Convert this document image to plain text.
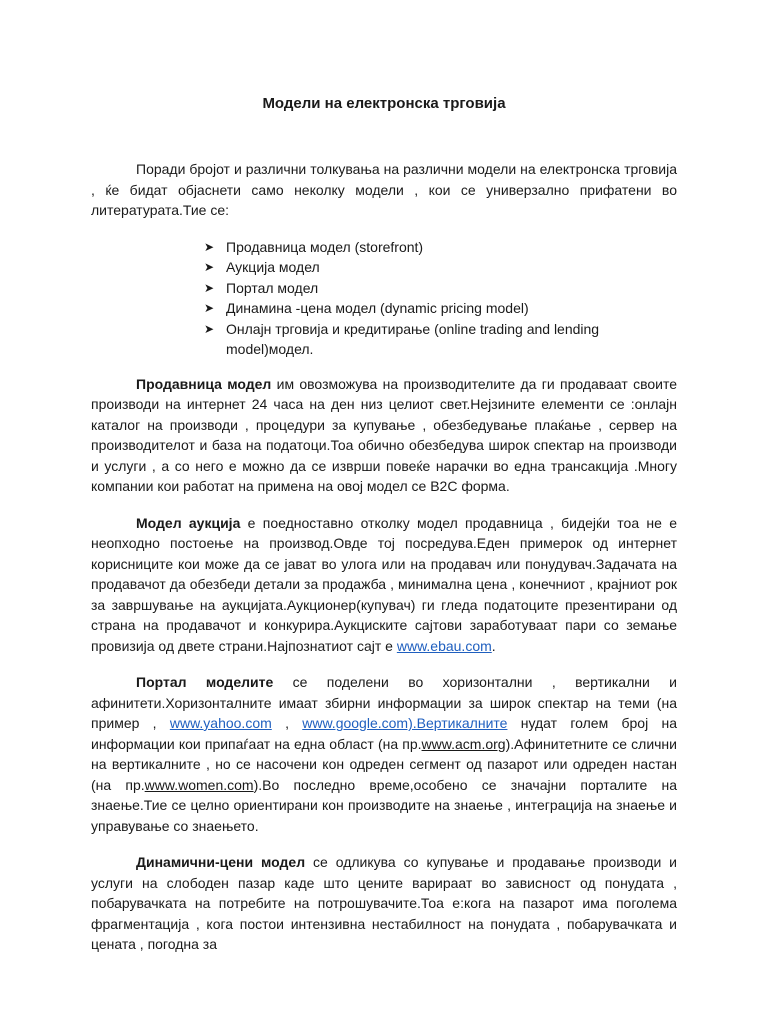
Модели на електронска трговија

Поради бројот и различни толкувања на различни модели на електронска трговија , ќе бидат објаснети само неколку модели , кои се универзално прифатени во литературата.Тие се:

➤ Продавница модел (storefront)
➤ Аукција модел
➤ Портал модел
➤ Динамина -цена модел (dynamic pricing model)
➤ Онлајн трговија и кредитирање (online trading and lending model)модел.

Продавница модел им овозможува на производителите да ги продаваат своите производи на интернет 24 часа на ден низ целиот свет.Нејзините елементи се :онлајн каталог на производи , процедури за купување , обезбедување плаќање , сервер на производителот и база на податоци.Тоа обично обезбедува широк спектар на производи и услуги , а со него е можно да се изврши повеќе нарачки во една трансакција .Многу компании кои работат на примена на овој модел се B2C форма.

Модел аукција е поедноставно отколку модел продавница , бидејќи тоа не е неопходно постоење на производ.Овде тој посредува.Еден примерок од интернет корисниците кои може да се јават во улога или на продавач или понудувач.Задачата на продавачот да обезбеди детали за продажба , минимална цена , конечниот , крајниот рок за завршување на аукцијата.Аукционер(купувач) ги гледа податоците презентирани од страна на продавачот и конкурира.Аукциските сајтови заработуваат пари со земање провизија од двете страни.Најпознатиот сајт е www.ebau.com.

Портал моделите се поделени во хоризонтални , вертикални и афинитети.Хоризонталните имаат збирни информации за широк спектар на теми (на пример , www.yahoo.com , www.google.com).Вертикалните нудат голем број на информации кои припаѓаат на една област (на пр.www.acm.org).Афинитетните се слични на вертикалните , но се насочени кон одреден сегмент од пазарот или одреден настан (на пр.www.women.com).Во последно време,особено се значајни порталите на знаење.Тие се целно ориентирани кон производите на знаење , интеграција на знаење и управување со знаењето.

Динамични-цени модел се одликува со купување и продавање производи и услуги на слободен пазар каде што цените варираат во зависност од понудата , побарувачката на потребите на потрошувачите.Тоа е:кога на пазарот има поголема фрагментација , кога постои интензивна нестабилност на понудата , побарувачката и цената , погодна за
